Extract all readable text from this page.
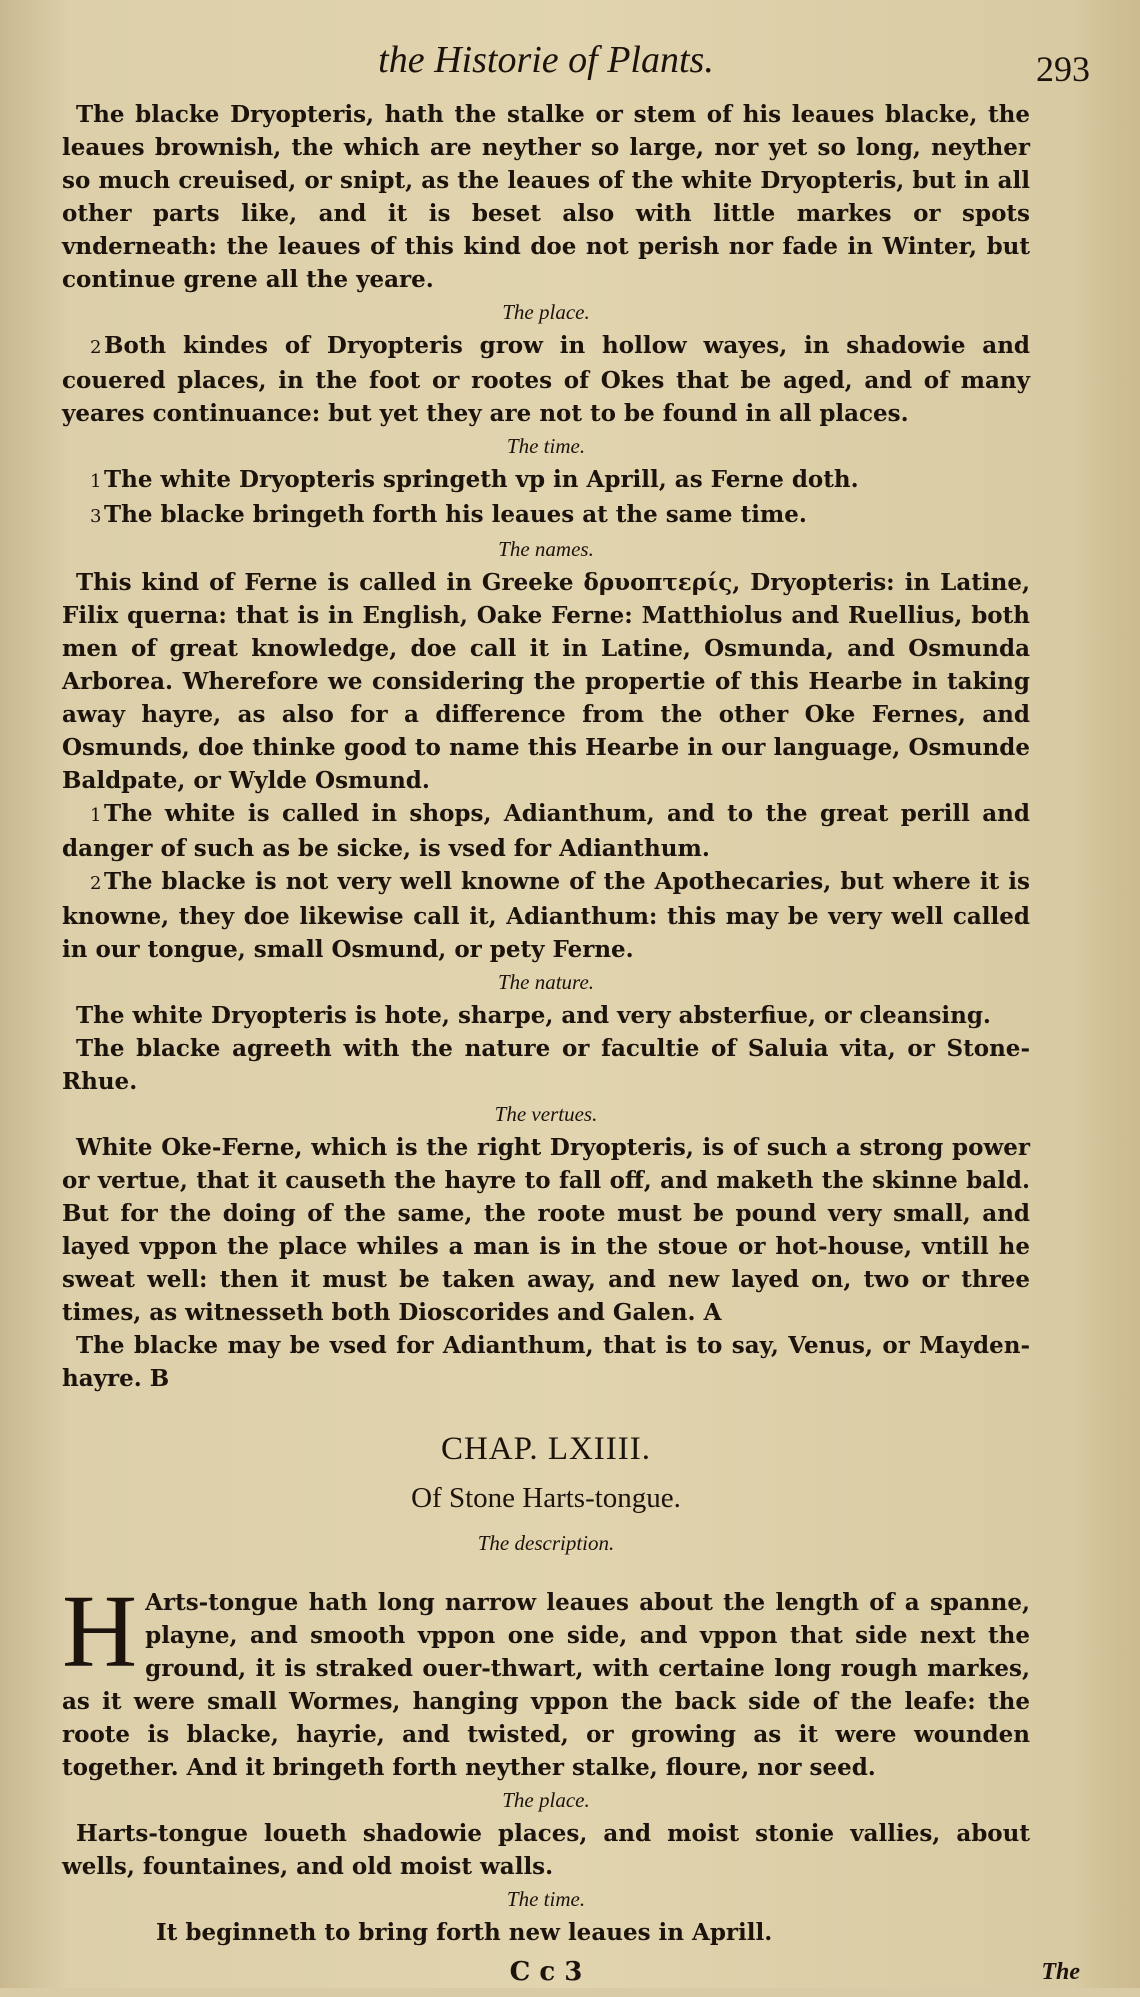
the Historie of Plants.	293

The blacke Dryopteris, hath the stalke or stem of his leaues blacke, the leaues brownish, the which are neyther so large, nor yet so long, neyther so much creuised, or snipt, as the leaues of the white Dryopteris, but in all other parts like, and it is beset also with little markes or spots vnderneath: the leaues of this kind doe not perish nor fade in Winter, but continue grene all the yeare.

The place.

2 Both kindes of Dryopteris grow in hollow wayes, in shadowie and couered places, in the foot or rootes of Okes that be aged, and of many yeares continuance: but yet they are not to be found in all places.

The time.

1 The white Dryopteris springeth vp in Aprill, as Ferne doth.

3 The blacke bringeth forth his leaues at the same time.

The names.

This kind of Ferne is called in Greeke δρυοπτερίς, Dryopteris: in Latine, Filix querna: that is in English, Oake Ferne: Matthiolus and Ruellius, both men of great knowledge, doe call it in Latine, Osmunda, and Osmunda Arborea. Wherefore we considering the propertie of this Hearbe in taking away hayre, as also for a difference from the other Oke Fernes, and Osmunds, doe thinke good to name this Hearbe in our language, Osmunde Baldpate, or Wylde Osmund.

1 The white is called in shops, Adianthum, and to the great perill and danger of such as be sicke, is vsed for Adianthum.

2 The blacke is not very well knowne of the Apothecaries, but where it is knowne, they doe likewise call it, Adianthum: this may be very well called in our tongue, small Osmund, or pety Ferne.

The nature.

The white Dryopteris is hote, sharpe, and very absterfiue, or cleansing.

The blacke agreeth with the nature or facultie of Saluia vita, or Stone-Rhue.

The vertues.

White Oke-Ferne, which is the right Dryopteris, is of such a strong power or vertue, that it causeth the hayre to fall off, and maketh the skinne bald. But for the doing of the same, the roote must be pound very small, and layed vppon the place whiles a man is in the stoue or hot-house, vntill he sweat well: then it must be taken away, and new layed on, two or three times, as witnesseth both Dioscorides and Galen. A

The blacke may be vsed for Adianthum, that is to say, Venus, or Mayden-hayre. B

CHAP. LXIIII.
Of Stone Harts-tongue.
The description.

H Arts-tongue hath long narrow leaues about the length of a spanne, playne, and smooth vppon one side, and vppon that side next the ground, it is straked ouer-thwart, with certaine long rough markes, as it were small Wormes, hanging vppon the back side of the leafe: the roote is blacke, hayrie, and twisted, or growing as it were wounden together. And it bringeth forth neyther stalke, floure, nor seed.

The place.

Harts-tongue loueth shadowie places, and moist stonie vallies, about wells, fountaines, and old moist walls.

The time.

It beginneth to bring forth new leaues in Aprill.

C c 3	The
